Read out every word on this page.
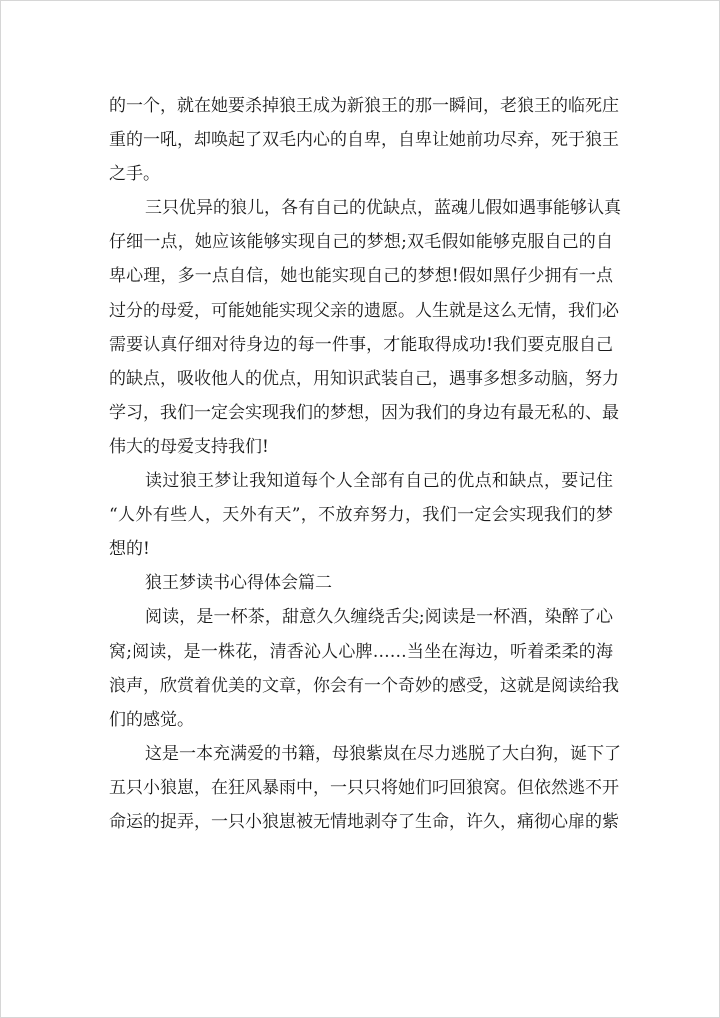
的一个，就在她要杀掉狼王成为新狼王的那一瞬间，老狼王的临死庄
重的一吼，却唤起了双毛内心的自卑，自卑让她前功尽弃，死于狼王
之手。
三只优异的狼儿，各有自己的优缺点，蓝魂儿假如遇事能够认真
仔细一点，她应该能够实现自己的梦想;双毛假如能够克服自己的自
卑心理，多一点自信，她也能实现自己的梦想!假如黑仔少拥有一点
过分的母爱，可能她能实现父亲的遗愿。人生就是这么无情，我们必
需要认真仔细对待身边的每一件事，才能取得成功!我们要克服自己
的缺点，吸收他人的优点，用知识武装自己，遇事多想多动脑，努力
学习，我们一定会实现我们的梦想，因为我们的身边有最无私的、最
伟大的母爱支持我们!
读过狼王梦让我知道每个人全部有自己的优点和缺点，要记住
“人外有些人，天外有天”，不放弃努力，我们一定会实现我们的梦
想的!
狼王梦读书心得体会篇二
阅读，是一杯茶，甜意久久缠绕舌尖;阅读是一杯酒，染醉了心
窝;阅读，是一株花，清香沁人心脾……当坐在海边，听着柔柔的海
浪声，欣赏着优美的文章，你会有一个奇妙的感受，这就是阅读给我
们的感觉。
这是一本充满爱的书籍，母狼紫岚在尽力逃脱了大白狗，诞下了
五只小狼崽，在狂风暴雨中，一只只将她们叼回狼窝。但依然逃不开
命运的捉弄，一只小狼崽被无情地剥夺了生命，许久，痛彻心扉的紫
